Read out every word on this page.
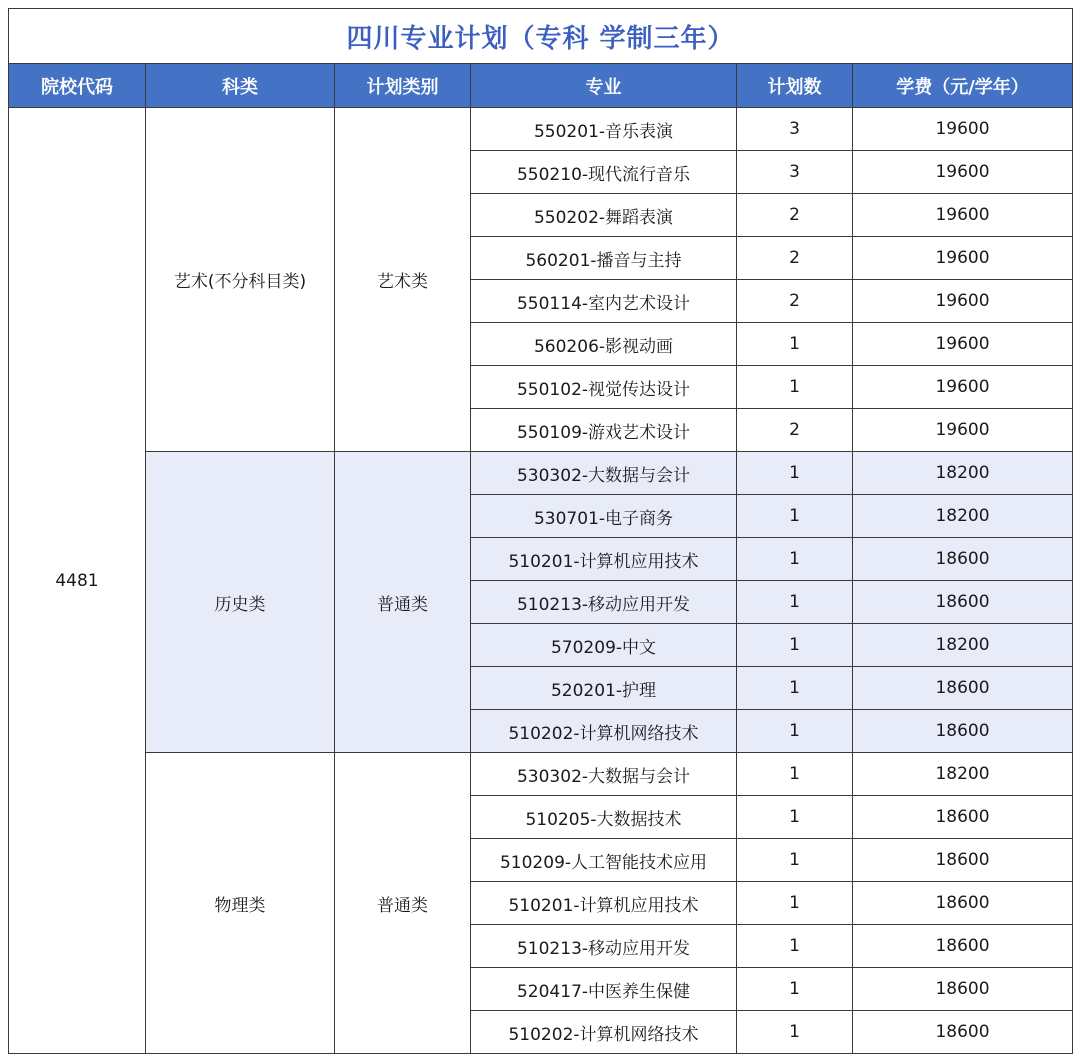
四川专业计划（专科 学制三年）					
院校代码	科类	计划类别	专业	计划数	学费（元/学年）
4481	艺术(不分科目类)	艺术类	550201-音乐表演	3	19600
			550210-现代流行音乐	3	19600
			550202-舞蹈表演	2	19600
			560201-播音与主持	2	19600
			550114-室内艺术设计	2	19600
			560206-影视动画	1	19600
			550102-视觉传达设计	1	19600
			550109-游戏艺术设计	2	19600
	历史类	普通类	530302-大数据与会计	1	18200
			530701-电子商务	1	18200
			510201-计算机应用技术	1	18600
			510213-移动应用开发	1	18600
			570209-中文	1	18200
			520201-护理	1	18600
			510202-计算机网络技术	1	18600
	物理类	普通类	530302-大数据与会计	1	18200
			510205-大数据技术	1	18600
			510209-人工智能技术应用	1	18600
			510201-计算机应用技术	1	18600
			510213-移动应用开发	1	18600
			520417-中医养生保健	1	18600
			510202-计算机网络技术	1	18600
